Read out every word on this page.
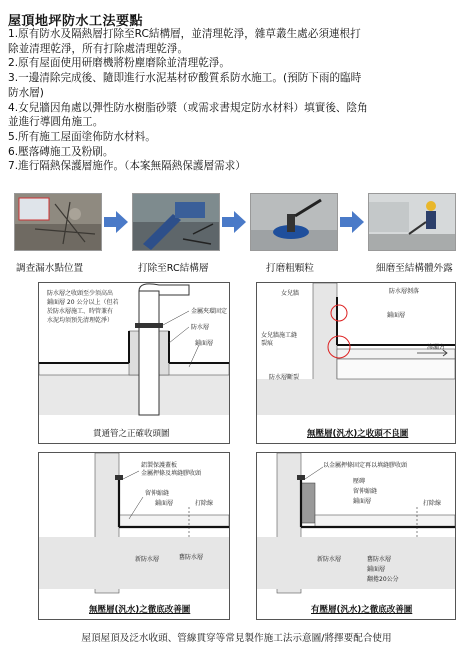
屋頂地坪防水工法要點
1.原有防水及隔熱層打除至RC結構層，並清理乾淨，雜草叢生處必須連根打
除並清理乾淨，所有打除處清理乾淨。
2.原有屋面使用研磨機將粉塵磨除並清理乾淨。
3.一邊清除完成後、隨即進行水泥基材矽酸質系防水施工。(預防下雨的臨時
防水層)
4.女兒牆因角處以彈性防水樹脂砂漿（或需求書規定防水材料）填實後、陰角
並進行導圓角施工。
5.所有施工屋面塗佈防水材料。
6.壓落磚施工及粉刷。
7.進行隔熱保護層施作。（本案無隔熱保護層需求）
調查漏水點位置	打除至RC結構層	打磨粗顆粒	細磨至結構體外露
金屬夾環固定
防水層
鋪面層
防水層之收頭至少須高出
鋪面層 20 公分以上（但若
於防水層施工、時管兼有
水泥均須預先清理乾淨）
貫通管之正確收頭圖
女兒牆	防水層剝落
鋪面層
女兒牆施工縫
裂痕
滲漏方
防水層斷裂
無壓層(汎水)之收頭不良圖
鋁製保護蓋板
金屬押條及填縫膠收頭
留伸縮縫
鋪面層	打除線
新防水層	舊防水層
無壓層(汎水)之徹底改善圖
以金屬押條固定再以填縫膠收頭
壓磚
留伸縮縫
鋪面層	打除線
新防水層	舊防水層
鋪面層
翻捲20公分
有壓層(汎水)之徹底改善圖
屋頂屋頂及泛水收頭、管線貫穿等常見製作施工法示意圖/將擇要配合使用
